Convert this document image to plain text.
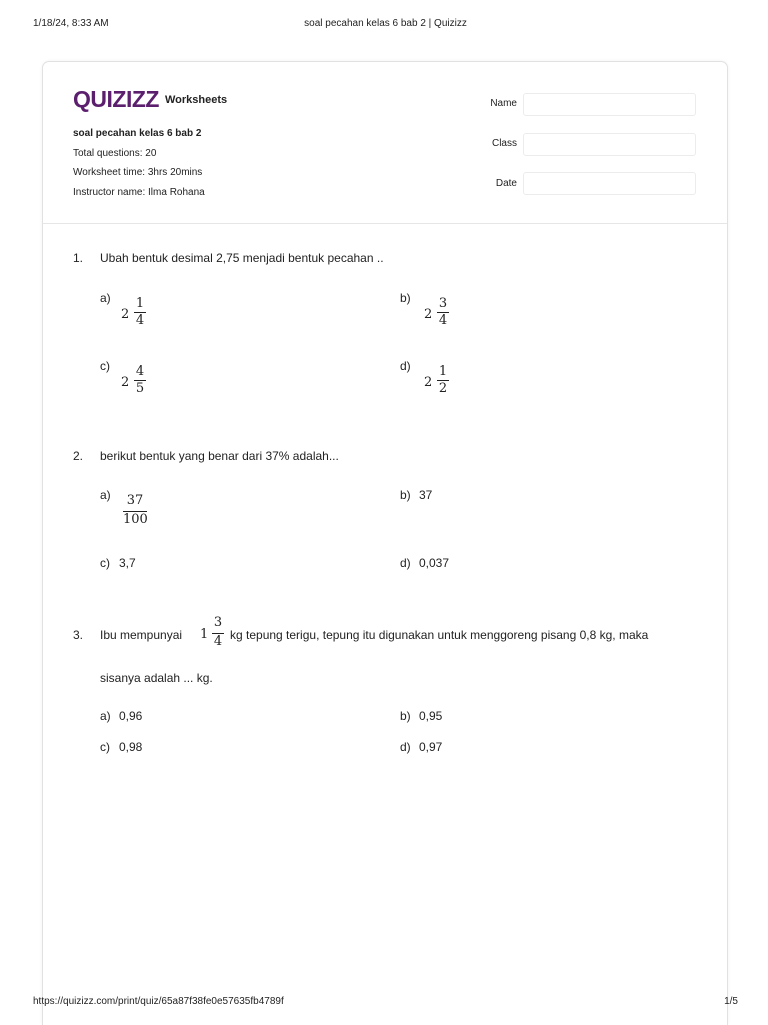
1/18/24, 8:33 AM	soal pecahan kelas 6 bab 2 | Quizizz
QUIZIZZ Worksheets
soal pecahan kelas 6 bab 2
Total questions: 20
Worksheet time: 3hrs 20mins
Instructor name: Ilma Rohana
Name
Class
Date
1.	Ubah bentuk desimal 2,75 menjadi bentuk pecahan ..
a)
2
1
4
b)
2
3
4
c)
2
4
5
d)
2
1
2
2.	berikut bentuk yang benar dari 37% adalah...
a) 37
100
b) 37
c) 3,7	d) 0,037
3.	Ibu mempunyai 1
3
4 kg tepung terigu, tepung itu digunakan untuk menggoreng pisang 0,8 kg, maka
sisanya adalah ... kg.
a) 0,96	b) 0,95
c) 0,98	d) 0,97
https://quizizz.com/print/quiz/65a87f38fe0e57635fb4789f	1/5
